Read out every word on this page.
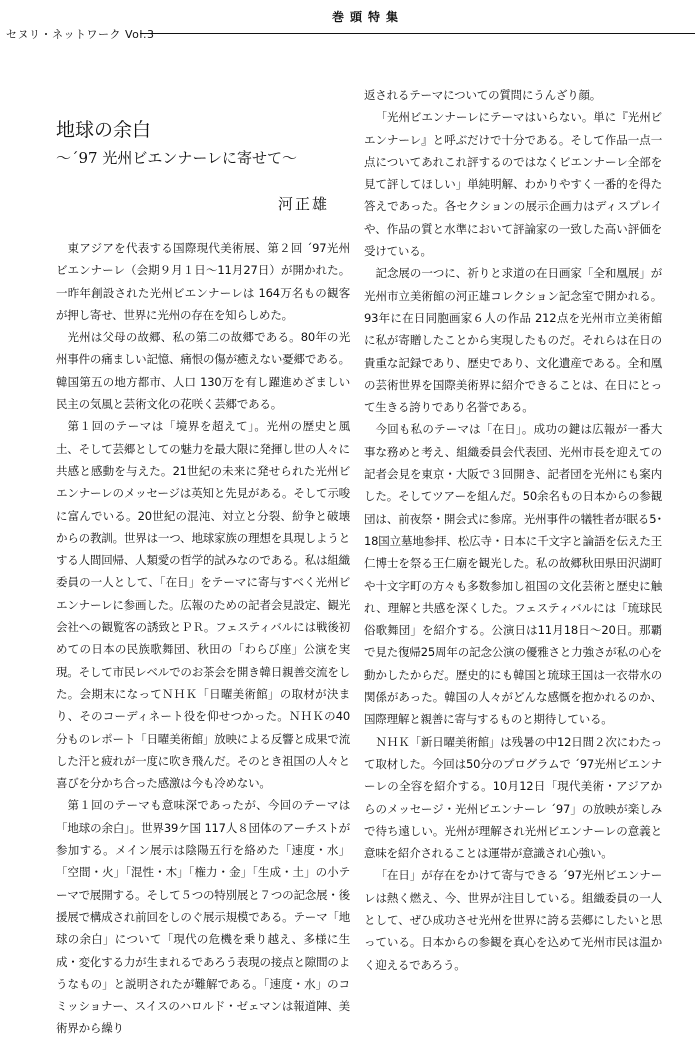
巻頭特集
セヌリ・ネットワーク Vol.3
地球の余白
〜´97 光州ビエンナーレに寄せて〜
河正雄

東アジアを代表する国際現代美術展、第２回 ´97光州ビエンナーレ（会期９月１日〜11月27日）が開かれた。一昨年創設された光州ビエンナーレは 164万名もの観客が押し寄せ、世界に光州の存在を知らしめた。

光州は父母の故郷、私の第二の故郷である。80年の光州事件の痛ましい記憶、痛恨の傷が癒えない憂郷である。韓国第五の地方都市、人口 130万を有し躍進めざましい民主の気風と芸術文化の花咲く芸郷である。

第１回のテーマは「境界を超えて」。光州の歴史と風土、そして芸郷としての魅力を最大限に発揮し世の人々に共感と感動を与えた。21世紀の未来に発せられた光州ビエンナーレのメッセージは英知と先見がある。そして示唆に富んでいる。20世紀の混沌、対立と分裂、紛争と破壊からの教訓。世界は一つ、地球家族の理想を具現しようとする人間回帰、人類愛の哲学的試みなのである。私は組織委員の一人として、「在日」をテーマに寄与すべく光州ビエンナーレに参画した。広報のための記者会見設定、観光会社への観覧客の誘致とＰＲ。フェスティバルには戦後初めての日本の民族歌舞団、秋田の「わらび座」公演を実現。そして市民レベルでのお茶会を開き韓日親善交流をした。会期末になってＮＨＫ「日曜美術館」の取材が決まり、そのコーディネート役を仰せつかった。ＮＨＫの40分ものレポート「日曜美術館」放映による反響と成果で流した汗と疲れが一度に吹き飛んだ。そのとき祖国の人々と喜びを分かち合った感激は今も冷めない。

第１回のテーマも意味深であったが、今回のテーマは「地球の余白」。世界39ケ国 117人８団体のアーチストが参加する。メイン展示は陰陽五行を絡めた「速度・水」「空間・火」「混性・木」「権力・金」「生成・土」の小テーマで展開する。そして５つの特別展と７つの記念展・後援展で構成され前回をしのぐ展示規模である。テーマ「地球の余白」について「現代の危機を乗り越え、多様に生成・変化する力が生まれるであろう表現の接点と隙間のようなもの」と説明されたが難解である。「速度・水」のコミッショナー、スイスのハロルド・ゼェマンは報道陣、美術界から繰り

返されるテーマについての質問にうんざり顔。

「光州ビエンナーレにテーマはいらない。単に『光州ビエンナーレ』と呼ぶだけで十分である。そして作品一点一点についてあれこれ評するのではなくビエンナーレ全部を見て評してほしい」単純明解、わかりやすく一番的を得た答えであった。各セクションの展示企画力はディスプレイや、作品の質と水準において評論家の一致した高い評価を受けている。

記念展の一つに、祈りと求道の在日画家「全和凰展」が光州市立美術館の河正雄コレクション記念室で開かれる。93年に在日同胞画家６人の作品 212点を光州市立美術館に私が寄贈したことから実現したものだ。それらは在日の貴重な記録であり、歴史であり、文化遺産である。全和凰の芸術世界を国際美術界に紹介できることは、在日にとって生きる誇りであり名誉である。

今回も私のテーマは「在日」。成功の鍵は広報が一番大事な務めと考え、組織委員会代表団、光州市長を迎えての記者会見を東京・大阪で３回開き、記者団を光州にも案内した。そしてツアーを組んだ。50余名もの日本からの参観団は、前夜祭・開会式に参席。光州事件の犠牲者が眠る5･18国立墓地参拝、松広寺・日本に千文字と論語を伝えた王仁博士を祭る王仁廟を観光した。私の故郷秋田県田沢湖町や十文字町の方々も多数参加し祖国の文化芸術と歴史に触れ、理解と共感を深くした。フェスティバルには「琉球民俗歌舞団」を紹介する。公演日は11月18日〜20日。那覇で見た復帰25周年の記念公演の優雅さと力強さが私の心を動かしたからだ。歴史的にも韓国と琉球王国は一衣帯水の関係があった。韓国の人々がどんな感慨を抱かれるのか、国際理解と親善に寄与するものと期待している。

ＮＨＫ「新日曜美術館」は残暑の中12日間２次にわたって取材した。今回は50分のプログラムで ´97光州ビエンナーレの全容を紹介する。10月12日「現代美術・アジアからのメッセージ・光州ビエンナーレ ´97」の放映が楽しみで待ち遠しい。光州が理解され光州ビエンナーレの意義と意味を紹介されることは運帯が意識され心強い。

「在日」が存在をかけて寄与できる ´97光州ビエンナーレは熱く燃え、今、世界が注目している。組織委員の一人として、ぜひ成功させ光州を世界に誇る芸郷にしたいと思っている。日本からの参観を真心を込めて光州市民は温かく迎えるであろう。
